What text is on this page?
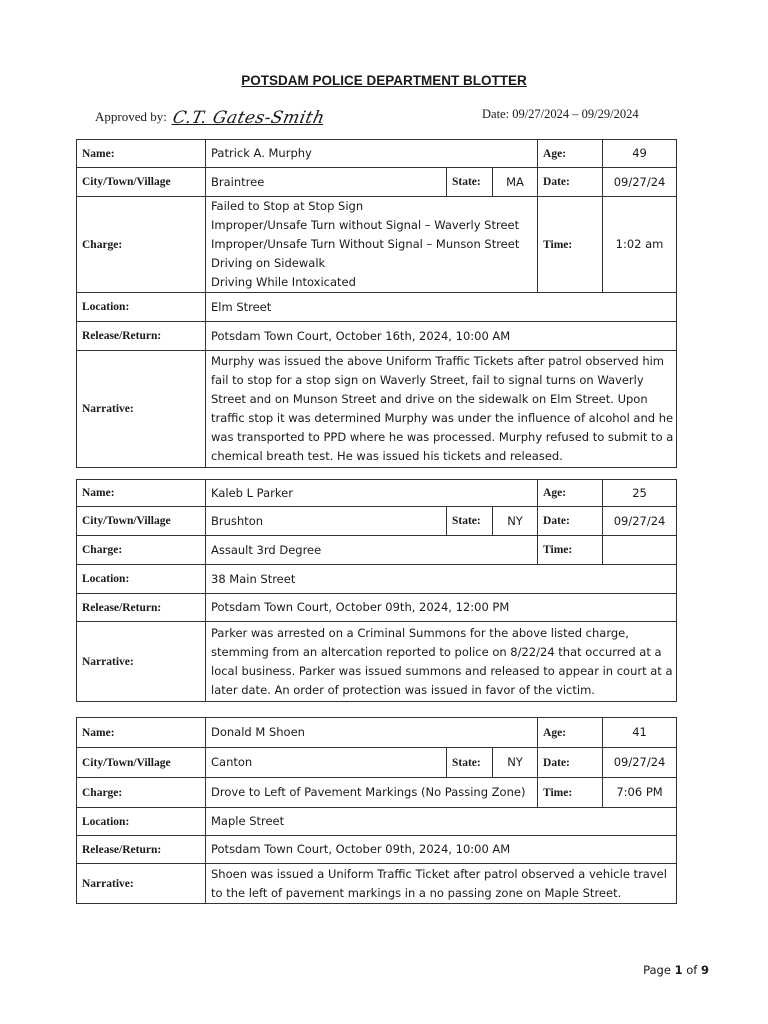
POTSDAM POLICE DEPARTMENT BLOTTER
Approved by: C.T. Gates-Smith	Date: 09/27/2024 – 09/29/2024
Name:	Patrick A. Murphy			Age:	49
City/Town/Village	Braintree	State:	MA	Date:	09/27/24
Charge:	Failed to Stop at Stop Sign
Improper/Unsafe Turn without Signal – Waverly Street
Improper/Unsafe Turn Without Signal – Munson Street
Driving on Sidewalk
Driving While Intoxicated			Time:	1:02 am
Location:	Elm Street				
Release/Return:	Potsdam Town Court, October 16th, 2024, 10:00 AM				
Narrative:	Murphy was issued the above Uniform Traffic Tickets after patrol observed him fail to stop for a stop sign on Waverly Street, fail to signal turns on Waverly Street and on Munson Street and drive on the sidewalk on Elm Street. Upon traffic stop it was determined Murphy was under the influence of alcohol and he was transported to PPD where he was processed. Murphy refused to submit to a chemical breath test. He was issued his tickets and released.				
Name:	Kaleb L Parker			Age:	25
City/Town/Village	Brushton	State:	NY	Date:	09/27/24
Charge:	Assault 3rd Degree			Time:	
Location:	38 Main Street				
Release/Return:	Potsdam Town Court, October 09th, 2024, 12:00 PM				
Narrative:	Parker was arrested on a Criminal Summons for the above listed charge, stemming from an altercation reported to police on 8/22/24 that occurred at a local business. Parker was issued summons and released to appear in court at a later date. An order of protection was issued in favor of the victim.				
Name:	Donald M Shoen			Age:	41
City/Town/Village	Canton	State:	NY	Date:	09/27/24
Charge:	Drove to Left of Pavement Markings (No Passing Zone)			Time:	7:06 PM
Location:	Maple Street				
Release/Return:	Potsdam Town Court, October 09th, 2024, 10:00 AM				
Narrative:	Shoen was issued a Uniform Traffic Ticket after patrol observed a vehicle travel to the left of pavement markings in a no passing zone on Maple Street.				
Page 1 of 9
